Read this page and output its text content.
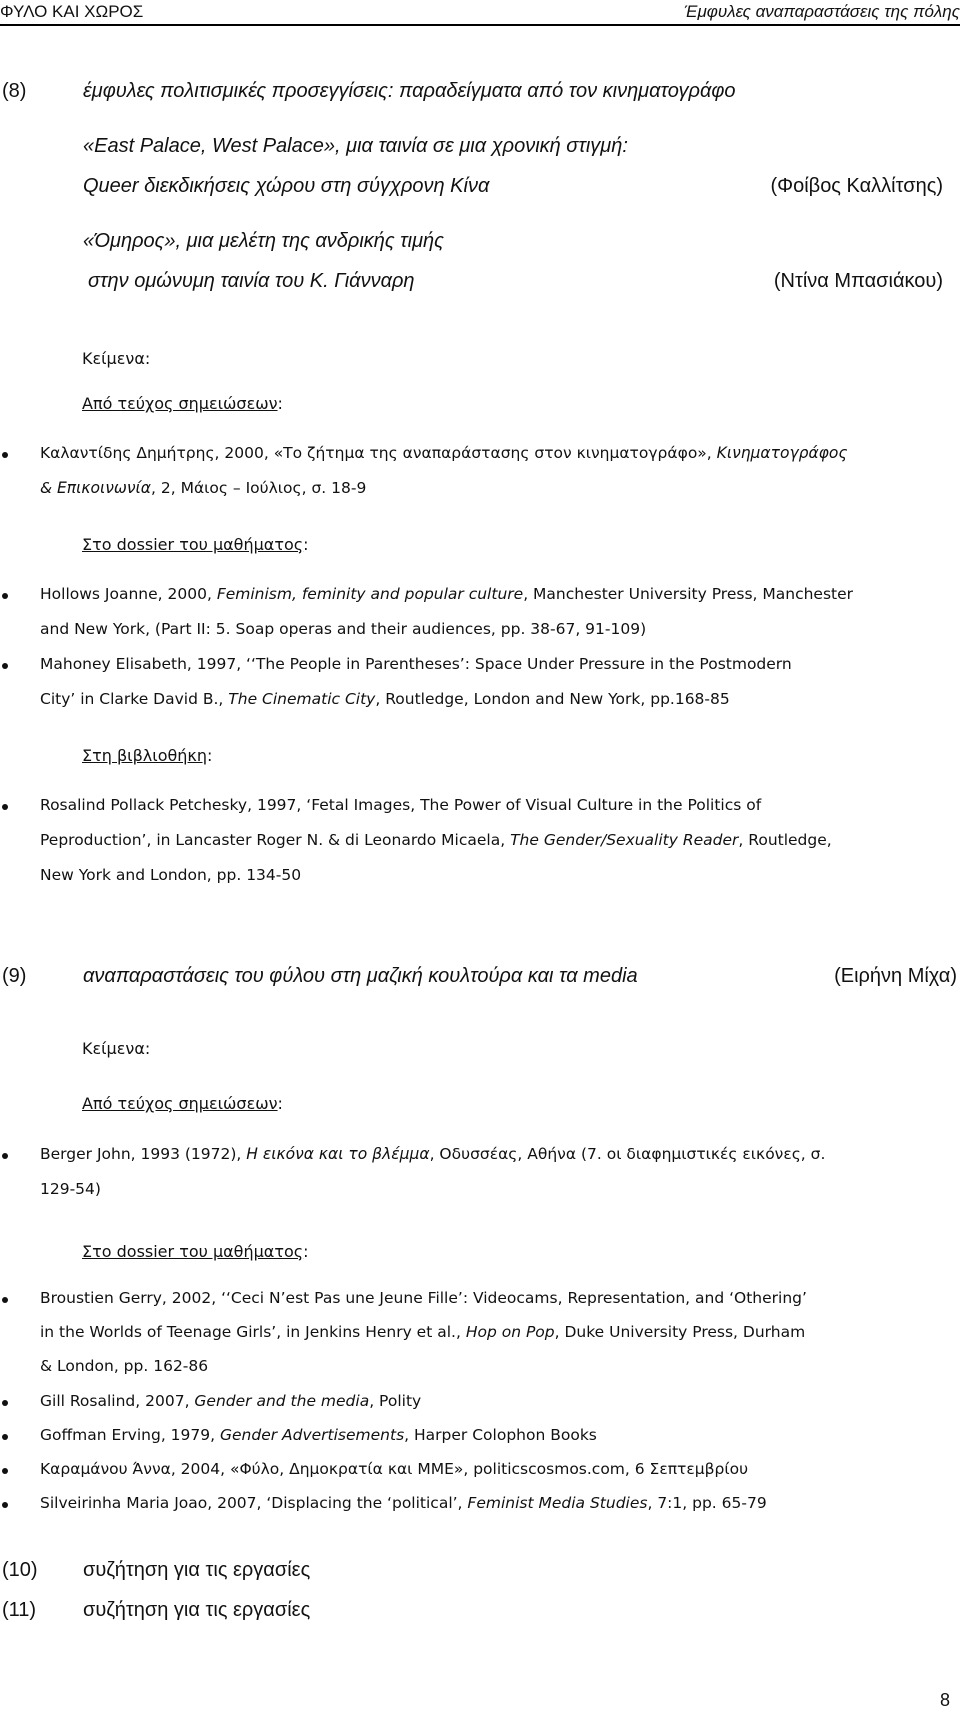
ΦΥΛΟ ΚΑΙ ΧΩΡΟΣ	Έμφυλες αναπαραστάσεις της πόλης
(8)	έμφυλες πολιτισμικές προσεγγίσεις: παραδείγματα από τον κινηματογράφο
«East Palace, West Palace», μια ταινία σε μια χρονική στιγμή:
Queer διεκδικήσεις χώρου στη σύγχρονη Κίνα	(Φοίβος Καλλίτσης)
«Όμηρος», μια μελέτη της ανδρικής τιμής
στην ομώνυμη ταινία του Κ. Γιάνναρη	(Ντίνα Μπασιάκου)
Κείμενα:
Από τεύχος σημειώσεων:
Καλαντίδης Δημήτρης, 2000, «Το ζήτημα της αναπαράστασης στον κινηματογράφο», Κινηματογράφος
& Επικοινωνία, 2, Μάιος – Ιούλιος, σ. 18-9
Στο dossier του μαθήματος:
Hollows Joanne, 2000, Feminism, feminity and popular culture, Manchester University Press, Manchester
and New York, (Part II: 5. Soap operas and their audiences, pp. 38-67, 91-109)
Mahoney Elisabeth, 1997, ‘‘The People in Parentheses’: Space Under Pressure in the Postmodern
City’ in Clarke David B., The Cinematic City, Routledge, London and New York, pp.168-85
Στη βιβλιοθήκη:
Rosalind Pollack Petchesky, 1997, ‘Fetal Images, The Power of Visual Culture in the Politics of
Peproduction’, in Lancaster Roger N. & di Leonardo Micaela, The Gender/Sexuality Reader, Routledge,
New York and London, pp. 134-50
(9)	αναπαραστάσεις του φύλου στη μαζική κουλτούρα και τα media	(Ειρήνη Μίχα)
Κείμενα:
Από τεύχος σημειώσεων:
Berger John, 1993 (1972), Η εικόνα και το βλέμμα, Οδυσσέας, Αθήνα (7. οι διαφημιστικές εικόνες, σ.
129-54)
Στο dossier του μαθήματος:
Broustien Gerry, 2002, ‘‘Ceci N’est Pas une Jeune Fille’: Videocams, Representation, and ‘Othering’
in the Worlds of Teenage Girls’, in Jenkins Henry et al., Hop on Pop, Duke University Press, Durham
& London, pp. 162-86
Gill Rosalind, 2007, Gender and the media, Polity
Goffman Erving, 1979, Gender Advertisements, Harper Colophon Books
Καραμάνου Άννα, 2004, «Φύλο, Δημοκρατία και ΜΜΕ», politicscosmos.com, 6 Σεπτεμβρίου
Silveirinha Maria Joao, 2007, ‘Displacing the ‘political’, Feminist Media Studies, 7:1, pp. 65-79
(10) συζήτηση για τις εργασίες
(11) συζήτηση για τις εργασίες
8
